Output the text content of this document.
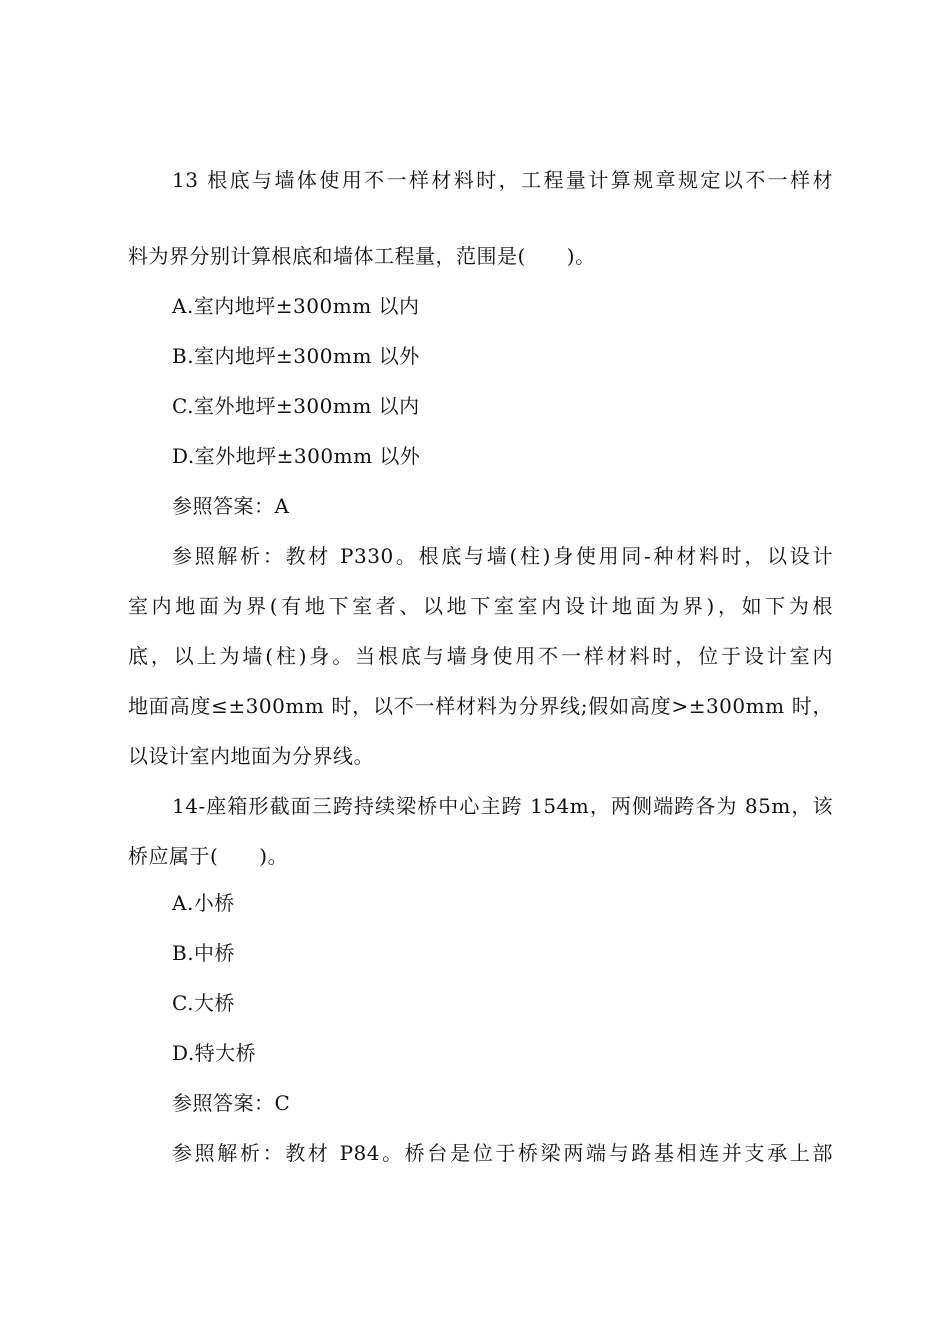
13 根底与墙体使用不一样材料时，工程量计算规章规定以不一样材
料为界分别计算根底和墙体工程量，范围是(　　)。
A.室内地坪±300mm 以内
B.室内地坪±300mm 以外
C.室外地坪±300mm 以内
D.室外地坪±300mm 以外
参照答案：A
参照解析：教材 P330。根底与墙(柱)身使用同-种材料时，以设计
室内地面为界(有地下室者、以地下室室内设计地面为界)，如下为根
底，以上为墙(柱)身。当根底与墙身使用不一样材料时，位于设计室内
地面高度≤±300mm 时，以不一样材料为分界线;假如高度>±300mm 时，
以设计室内地面为分界线。
14-座箱形截面三跨持续梁桥中心主跨 154m，两侧端跨各为 85m，该
桥应属于(　　)。
A.小桥
B.中桥
C.大桥
D.特大桥
参照答案：C
参照解析：教材 P84。桥台是位于桥梁两端与路基相连并支承上部
